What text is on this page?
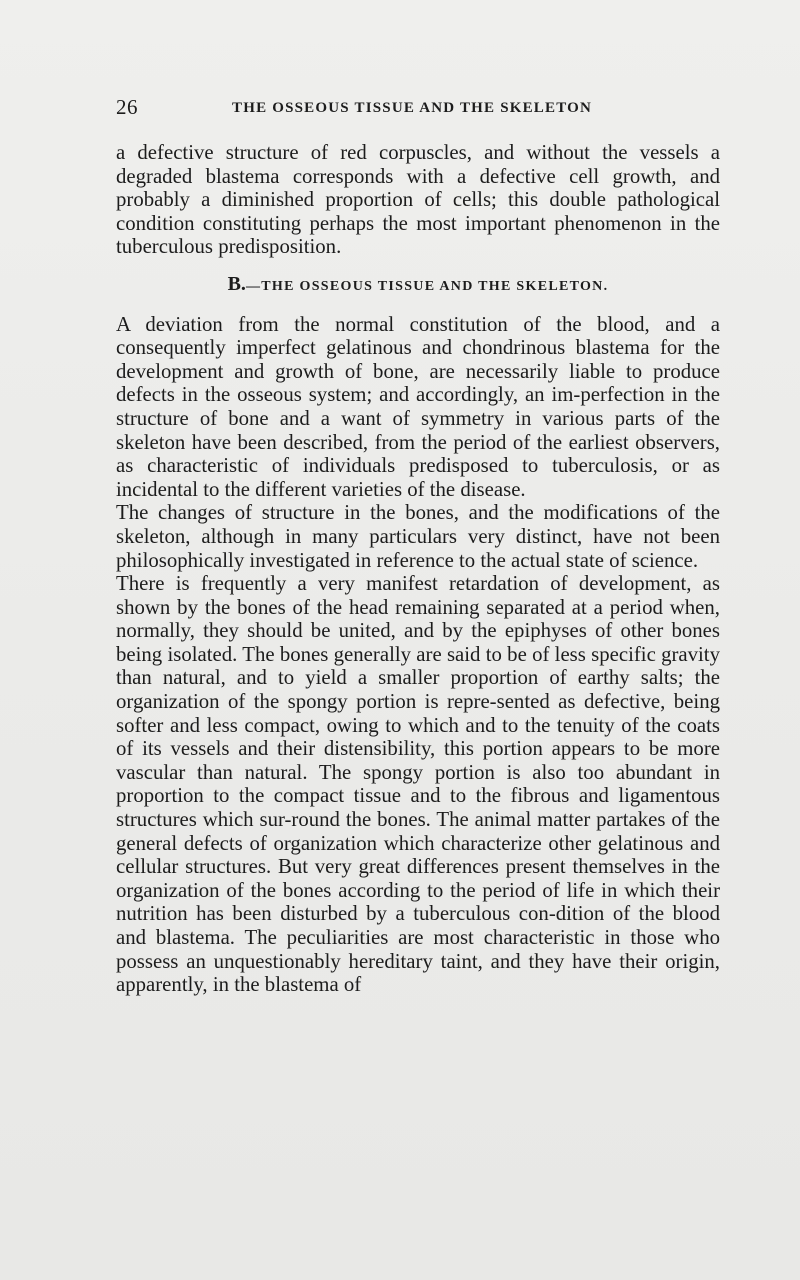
26	THE OSSEOUS TISSUE AND THE SKELETON

a defective structure of red corpuscles, and without the vessels a degraded blastema corresponds with a defective cell growth, and probably a diminished proportion of cells; this double pathological condition constituting perhaps the most important phenomenon in the tuberculous predisposition.

B.—THE OSSEOUS TISSUE AND THE SKELETON.

A deviation from the normal constitution of the blood, and a consequently imperfect gelatinous and chondrinous blastema for the development and growth of bone, are necessarily liable to produce defects in the osseous system; and accordingly, an im-perfection in the structure of bone and a want of symmetry in various parts of the skeleton have been described, from the period of the earliest observers, as characteristic of individuals predisposed to tuberculosis, or as incidental to the different varieties of the disease.

The changes of structure in the bones, and the modifications of the skeleton, although in many particulars very distinct, have not been philosophically investigated in reference to the actual state of science.

There is frequently a very manifest retardation of development, as shown by the bones of the head remaining separated at a period when, normally, they should be united, and by the epiphyses of other bones being isolated. The bones generally are said to be of less specific gravity than natural, and to yield a smaller proportion of earthy salts; the organization of the spongy portion is repre-sented as defective, being softer and less compact, owing to which and to the tenuity of the coats of its vessels and their distensibility, this portion appears to be more vascular than natural. The spongy portion is also too abundant in proportion to the compact tissue and to the fibrous and ligamentous structures which sur-round the bones. The animal matter partakes of the general defects of organization which characterize other gelatinous and cellular structures. But very great differences present themselves in the organization of the bones according to the period of life in which their nutrition has been disturbed by a tuberculous con-dition of the blood and blastema. The peculiarities are most characteristic in those who possess an unquestionably hereditary taint, and they have their origin, apparently, in the blastema of
